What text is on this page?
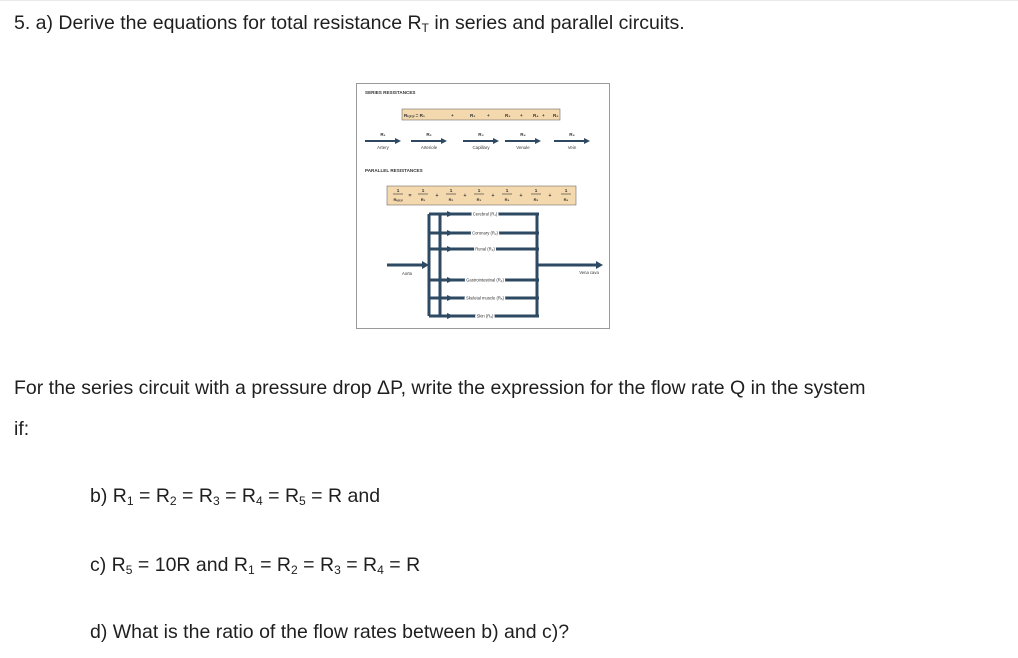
5. a) Derive the equations for total resistance $R_T$ in series and parallel circuits.
SERIES RESISTANCES
Rₜₒₜₐₗ = R₁	+	R₂	+	R₃ + R₄ + R₅
R₁
Artery
R₂
Arteriole
R₃
Capillary
R₄
Venule
R₅
Vein
PARALLEL RESISTANCES
1
Rₜₒₜₐₗ
=
1
R₁
+
1
R₂
+
1
R₃
+
1
R₄
+
1
R₅
+
1
R₆
Cerebral (R₁)
Coronary (R₂)
Renal (R₃)
Gastrointestinal (R₄)
Skeletal muscle (R₅)
Skin (R₆)
Aorta	Vena cava
For the series circuit with a pressure drop ΔP, write the expression for the flow rate Q in the system
if:
b) $R_1 = R_2 = R_3 = R_4 = R_5 = R$ and
c) $R_5 = 10R$ and $R_1 = R_2 = R_3 = R_4 = R$
d) What is the ratio of the flow rates between b) and c)?
